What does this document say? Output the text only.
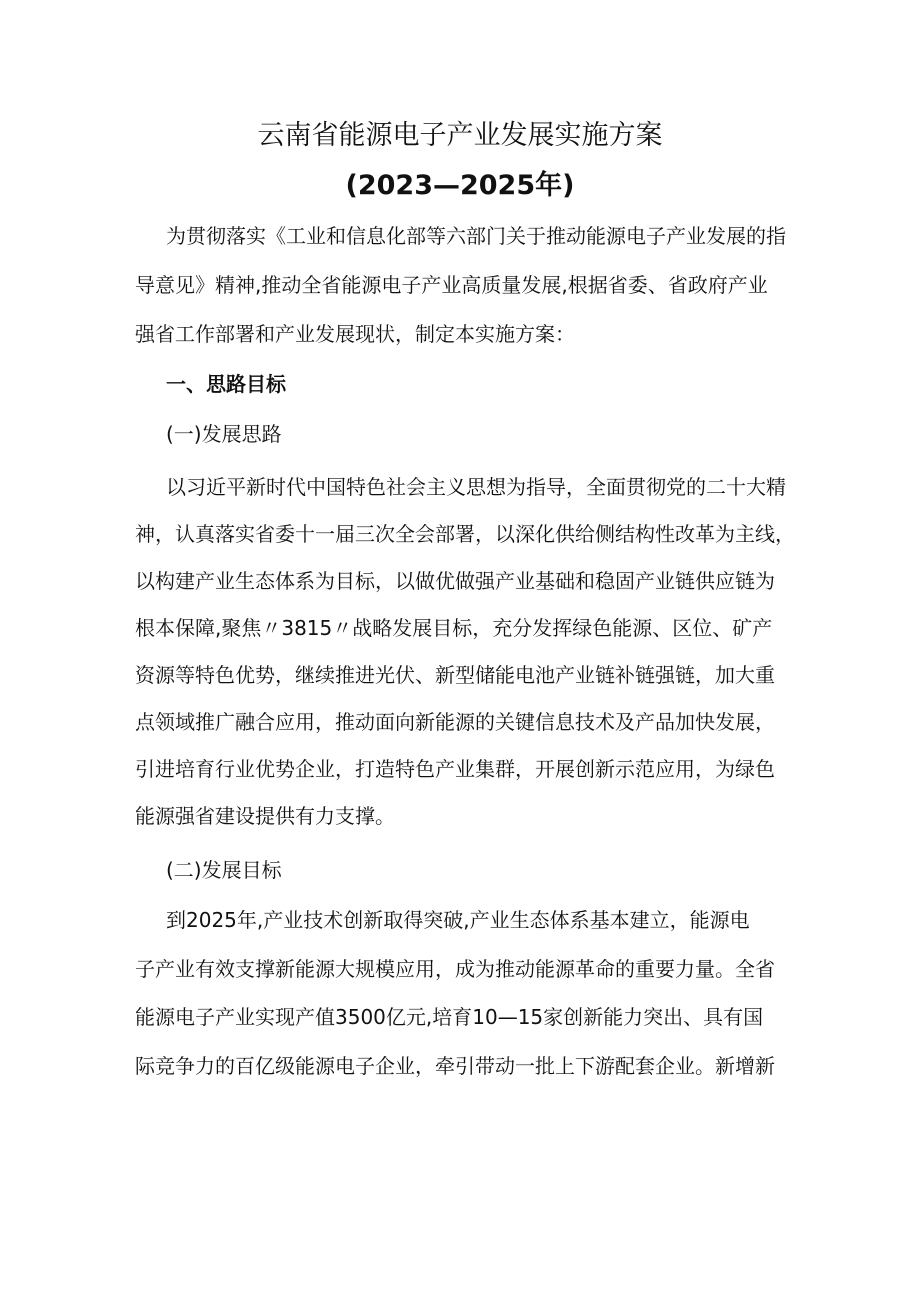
云南省能源电子产业发展实施方案
(2023—2025年)
为贯彻落实《工业和信息化部等六部门关于推动能源电子产业发展的指
导意见》精神,推动全省能源电子产业高质量发展,根据省委、省政府产业
强省工作部署和产业发展现状，制定本实施方案：
一、思路目标
(一)发展思路
以习近平新时代中国特色社会主义思想为指导，全面贯彻党的二十大精
神，认真落实省委十一届三次全会部署，以深化供给侧结构性改革为主线，
以构建产业生态体系为目标，以做优做强产业基础和稳固产业链供应链为
根本保障,聚焦〃3815〃战略发展目标，充分发挥绿色能源、区位、矿产
资源等特色优势，继续推进光伏、新型储能电池产业链补链强链，加大重
点领域推广融合应用，推动面向新能源的关键信息技术及产品加快发展，
引进培育行业优势企业，打造特色产业集群，开展创新示范应用，为绿色
能源强省建设提供有力支撑。
(二)发展目标
到2025年,产业技术创新取得突破,产业生态体系基本建立，能源电
子产业有效支撑新能源大规模应用，成为推动能源革命的重要力量。全省
能源电子产业实现产值3500亿元,培育10—15家创新能力突出、具有国
际竞争力的百亿级能源电子企业，牵引带动一批上下游配套企业。新增新
